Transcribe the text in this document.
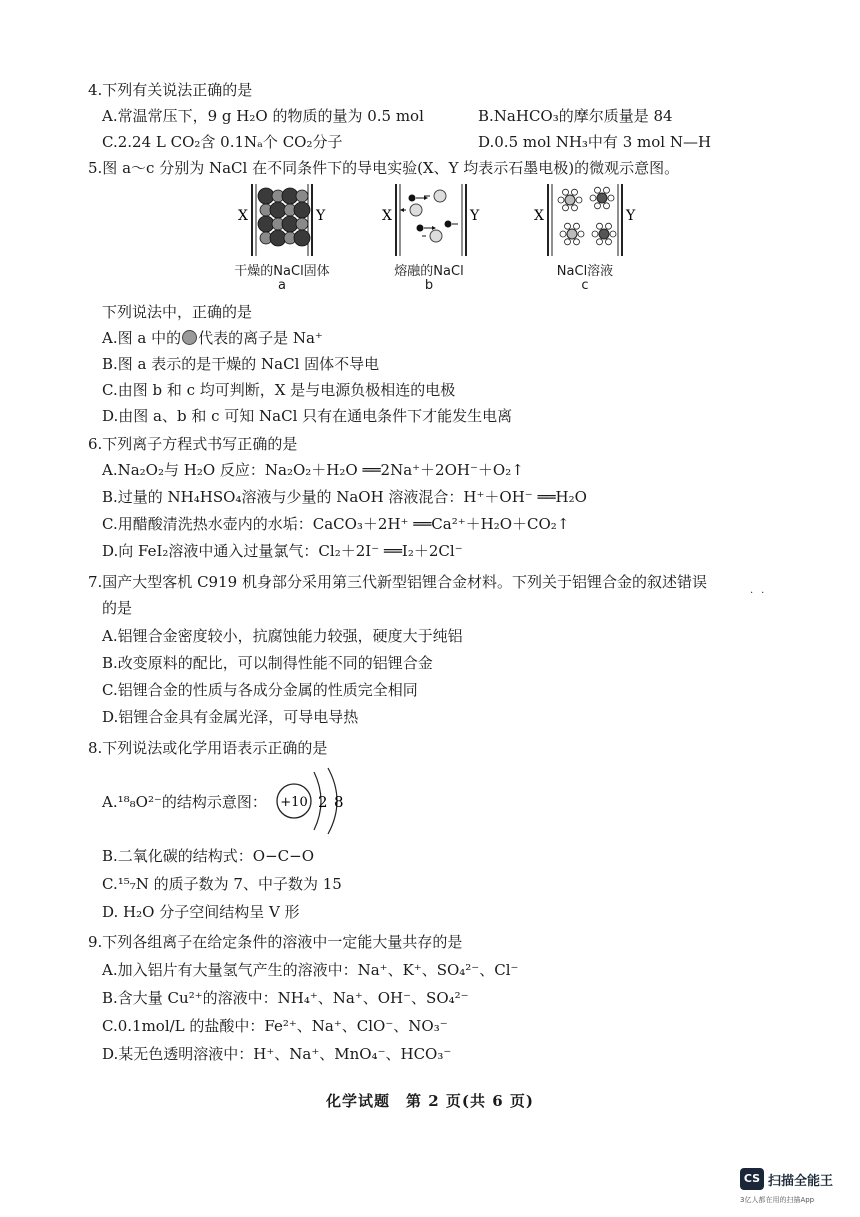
4.下列有关说法正确的是
A.常温常压下，9 g H₂O 的物质的量为 0.5 mol	B.NaHCO₃的摩尔质量是 84
C.2.24 L CO₂含 0.1Nₐ个 CO₂分子	D.0.5 mol NH₃中有 3 mol N—H
5.图 a～c 分别为 NaCl 在不同条件下的导电实验(X、Y 均表示石墨电极)的微观示意图。
X	Y	X	Y	X	Y
干燥的NaCl固体
a
熔融的NaCl
b
NaCl溶液
c
下列说法中，正确的是
A.图 a 中的 代表的离子是 Na⁺
B.图 a 表示的是干燥的 NaCl 固体不导电
C.由图 b 和 c 均可判断，X 是与电源负极相连的电极
D.由图 a、b 和 c 可知 NaCl 只有在通电条件下才能发生电离
6.下列离子方程式书写正确的是
A.Na₂O₂与 H₂O 反应：Na₂O₂＋H₂O ══2Na⁺＋2OH⁻＋O₂↑
B.过量的 NH₄HSO₄溶液与少量的 NaOH 溶液混合：H⁺＋OH⁻ ══H₂O
C.用醋酸清洗热水壶内的水垢：CaCO₃＋2H⁺ ══Ca²⁺＋H₂O＋CO₂↑
D.向 FeI₂溶液中通入过量氯气：Cl₂＋2I⁻ ══I₂＋2Cl⁻
7.国产大型客机 C919 机身部分采用第三代新型铝锂合金材料。下列关于铝锂合金的叙述错误
··
的是
A.铝锂合金密度较小，抗腐蚀能力较强，硬度大于纯铝
B.改变原料的配比，可以制得性能不同的铝锂合金
C.铝锂合金的性质与各成分金属的性质完全相同
D.铝锂合金具有金属光泽，可导电导热
8.下列说法或化学用语表示正确的是
A.¹⁸₈O²⁻的结构示意图： +10 2 8
B.二氧化碳的结构式：O−C−O
C.¹⁵₇N 的质子数为 7、中子数为 15
D. H₂O 分子空间结构呈 V 形
9.下列各组离子在给定条件的溶液中一定能大量共存的是
A.加入铝片有大量氢气产生的溶液中：Na⁺、K⁺、SO₄²⁻、Cl⁻
B.含大量 Cu²⁺的溶液中：NH₄⁺、Na⁺、OH⁻、SO₄²⁻
C.0.1mol/L 的盐酸中：Fe²⁺、Na⁺、ClO⁻、NO₃⁻
D.某无色透明溶液中：H⁺、Na⁺、MnO₄⁻、HCO₃⁻
化学试题　第 2 页(共 6 页)
CS 扫描全能王
3亿人都在用的扫描App
